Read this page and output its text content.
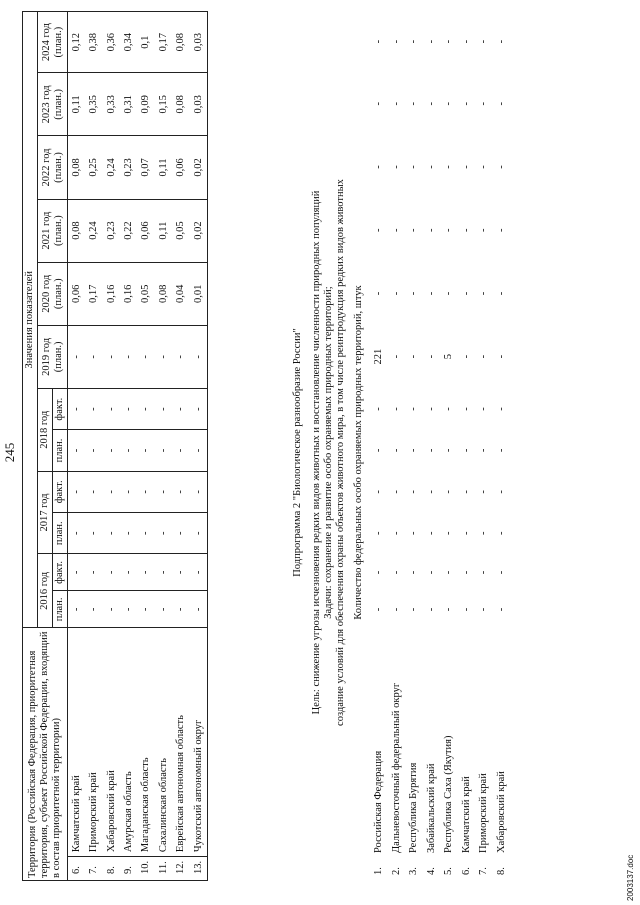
245
Территория (Российская Федерация, приоритетная территория, субъект Российской Федерации, входящий в состав приоритетной территории)		Значения показателей											
		2016 год		2017 год		2018 год		2019 год (план.)	2020 год (план.)	2021 год (план.)	2022 год (план.)	2023 год (план.)	2024 год (план.)
		план.	факт.	план.	факт.	план.	факт.						
6.	Камчатский край	-	-	-	-	-	-	-	0,06	0,08	0,08	0,11	0,12
7.	Приморский край	-	-	-	-	-	-	-	0,17	0,24	0,25	0,35	0,38
8.	Хабаровский край	-	-	-	-	-	-	-	0,16	0,23	0,24	0,33	0,36
9.	Амурская область	-	-	-	-	-	-	-	0,16	0,22	0,23	0,31	0,34
10.	Магаданская область	-	-	-	-	-	-	-	0,05	0,06	0,07	0,09	0,1
11.	Сахалинская область	-	-	-	-	-	-	-	0,08	0,11	0,11	0,15	0,17
12.	Еврейская автономная область	-	-	-	-	-	-	-	0,04	0,05	0,06	0,08	0,08
13.	Чукотский автономный округ	-	-	-	-	-	-	-	0,01	0,02	0,02	0,03	0,03
Подпрограмма 2 "Биологическое разнообразие России" Цель: снижение угрозы исчезновения редких видов животных и восстановление численности природных популяций Задачи: сохранение и развитие особо охраняемых природных территорий; создание условий для обеспечения охраны объектов животного мира, в том числе реинтродукция редких видов животных Количество федеральных особо охраняемых природных территорий, штук
1.	Российская Федерация	-	-	-	-	-	-	221	-	-	-	-	-
2.	Дальневосточный федеральный округ	-	-	-	-	-	-	-	-	-	-	-	-
3.	Республика Бурятия	-	-	-	-	-	-	-	-	-	-	-	-
4.	Забайкальский край	-	-	-	-	-	-	-	-	-	-	-	-
5.	Республика Саха (Якутия)	-	-	-	-	-	-	5	-	-	-	-	-
6.	Камчатский край	-	-	-	-	-	-	-	-	-	-	-	-
7.	Приморский край	-	-	-	-	-	-	-	-	-	-	-	-
8.	Хабаровский край	-	-	-	-	-	-	-	-	-	-	-	-
2003137.doc
